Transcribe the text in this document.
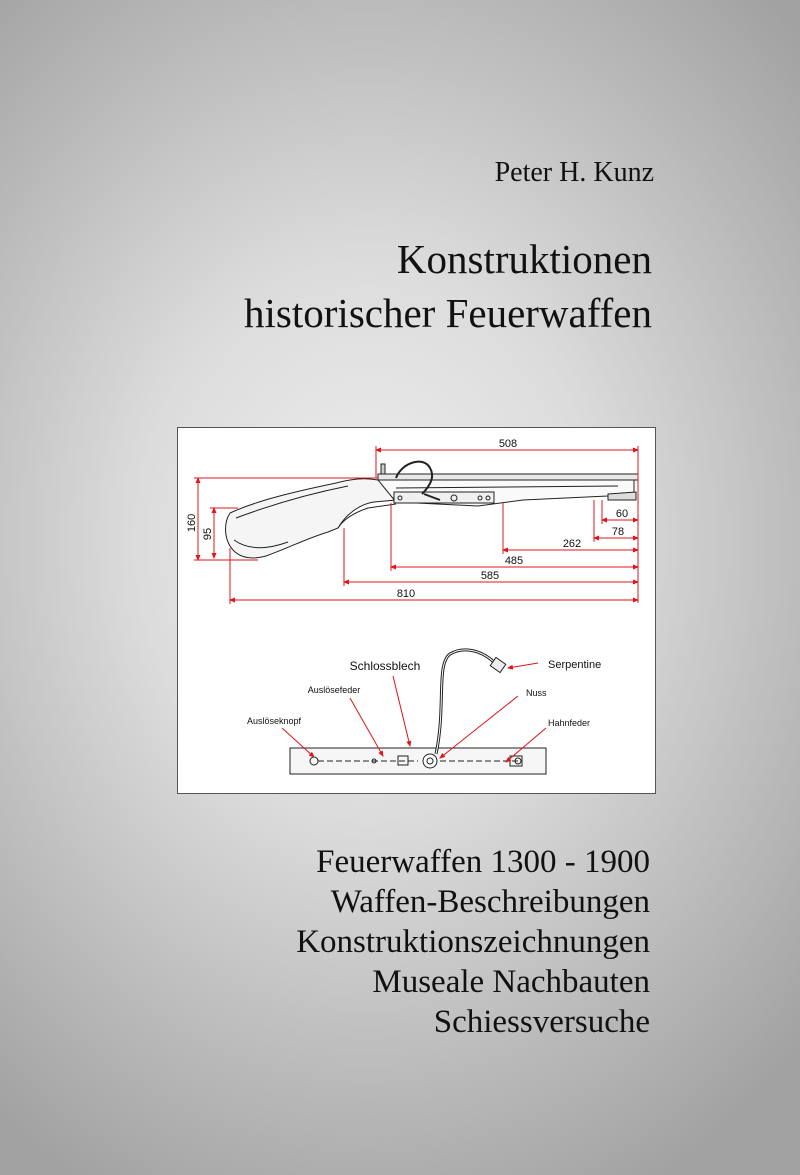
Peter H. Kunz
Konstruktionen
historischer Feuerwaffen
508
60
78
262
485
585
810
160
95
Schlossblech	Serpentine
Auslösefeder	Nuss
Auslöseknopf	Hahnfeder
Feuerwaffen 1300 - 1900
Waffen-Beschreibungen
Konstruktionszeichnungen
Museale Nachbauten
Schiessversuche
